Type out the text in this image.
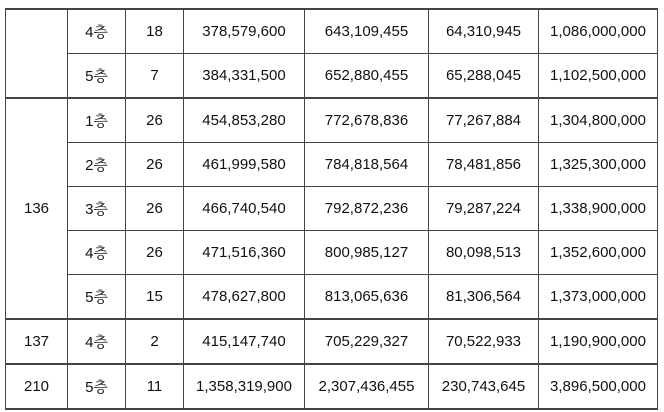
	4층	18	378,579,600	643,109,455	64,310,945	1,086,000,000
	5층	7	384,331,500	652,880,455	65,288,045	1,102,500,000
136	1층	26	454,853,280	772,678,836	77,267,884	1,304,800,000
	2층	26	461,999,580	784,818,564	78,481,856	1,325,300,000
	3층	26	466,740,540	792,872,236	79,287,224	1,338,900,000
	4층	26	471,516,360	800,985,127	80,098,513	1,352,600,000
	5층	15	478,627,800	813,065,636	81,306,564	1,373,000,000
137	4층	2	415,147,740	705,229,327	70,522,933	1,190,900,000
210	5층	11	1,358,319,900	2,307,436,455	230,743,645	3,896,500,000
